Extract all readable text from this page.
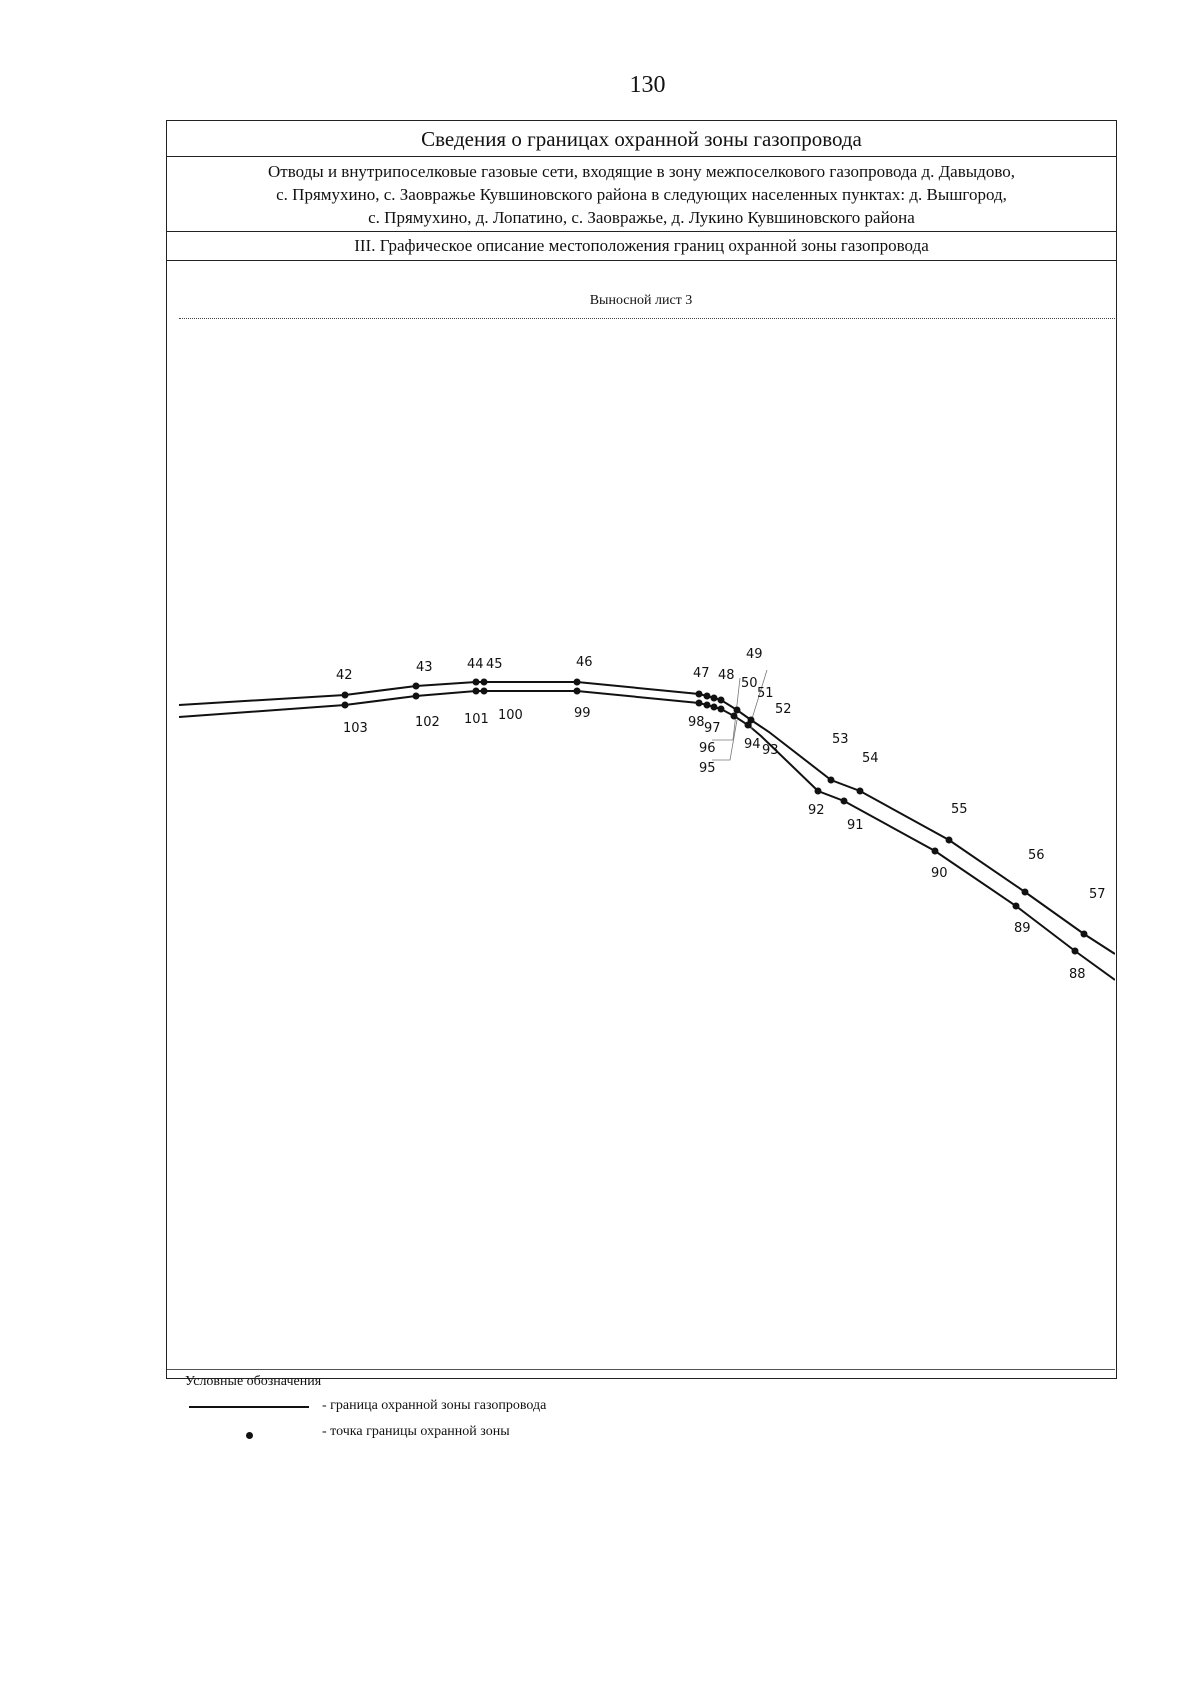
130
Сведения о границах охранной зоны газопровода
Отводы и внутрипоселковые газовые сети, входящие в зону межпоселкового газопровода д. Давыдово,
с. Прямухино, с. Заовражье Кувшиновского района в следующих населенных пунктах: д. Вышгород,
с. Прямухино, д. Лопатино, с. Заовражье, д. Лукино Кувшиновского района
III. Графическое описание местоположения границ охранной зоны газопровода
Выносной лист 3
42
43	44 45	46
47 48
49
50
51
52
53
54
55
56
57
103	102 101 100	99
98 97
96
95
94 93
92
91
90
89
88
Условные обозначения
- граница охранной зоны газопровода
- точка границы охранной зоны
